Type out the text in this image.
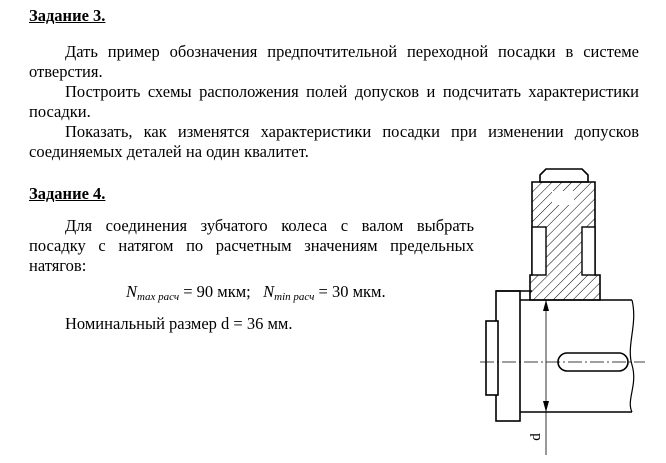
Задание 3.
Дать пример обозначения предпочтительной переходной посадки в системе отверстия.
Построить схемы расположения полей допусков и подсчитать характеристики посадки.
Показать, как изменятся характеристики посадки при изменении допусков соединяемых деталей на один квалитет.
Задание 4.
Для соединения зубчатого колеса с валом выбрать посадку с натягом по расчетным значениям предельных натягов:
Nmax расч = 90 мкм; Nmin расч = 30 мкм.
Номинальный размер d = 36 мм.
d
